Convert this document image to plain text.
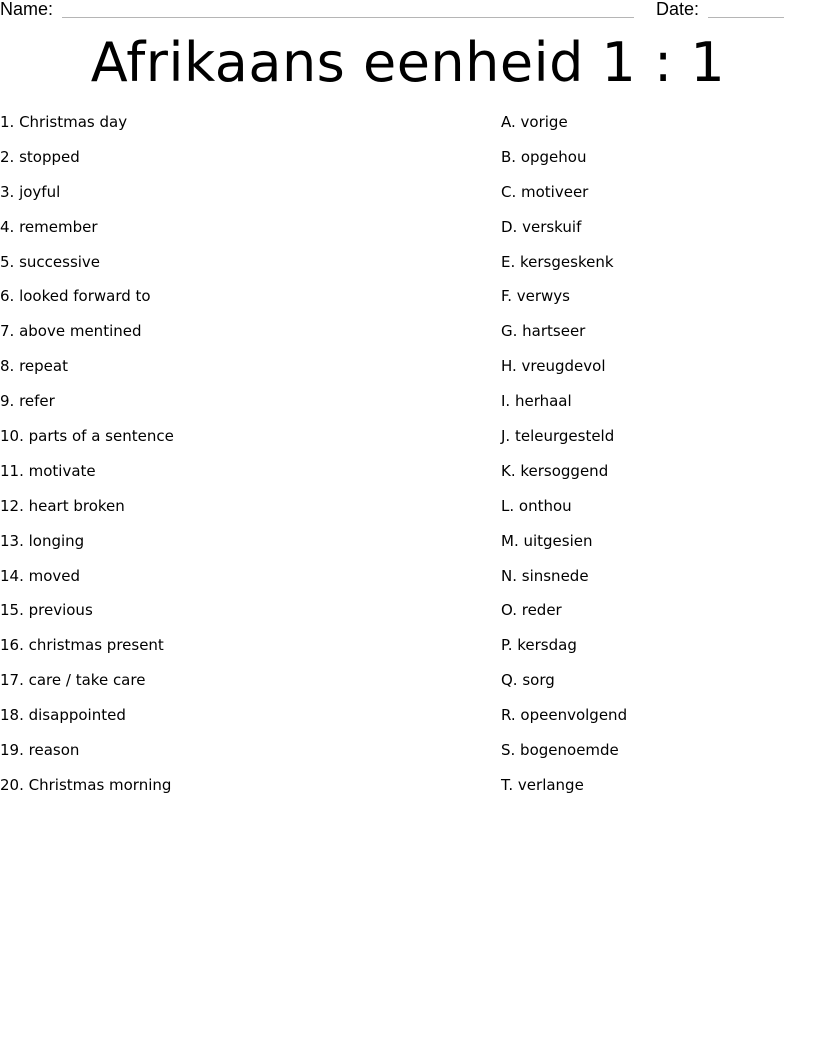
Name:	Date:
Afrikaans eenheid 1 : 1
1. Christmas day
2. stopped
3. joyful
4. remember
5. successive
6. looked forward to
7. above mentined
8. repeat
9. refer
10. parts of a sentence
11. motivate
12. heart broken
13. longing
14. moved
15. previous
16. christmas present
17. care / take care
18. disappointed
19. reason
20. Christmas morning
A. vorige
B. opgehou
C. motiveer
D. verskuif
E. kersgeskenk
F. verwys
G. hartseer
H. vreugdevol
I. herhaal
J. teleurgesteld
K. kersoggend
L. onthou
M. uitgesien
N. sinsnede
O. reder
P. kersdag
Q. sorg
R. opeenvolgend
S. bogenoemde
T. verlange
